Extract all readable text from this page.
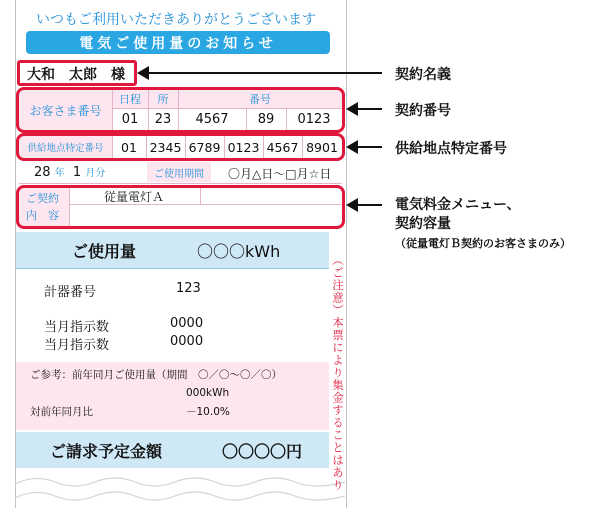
いつもご利用いただきありがとうございます
電気ご使用量のお知らせ
大和　太郎　様
お客さま番号
日程	所	番号
01	23	4567	89	0123
供給地点特定番号	01	2345 6789 0123 4567 8901
28 年 1 月分	ご使用期間	〇月△日～□月☆日
ご契約
内　容
従量電灯Ａ
ご使用量	〇〇〇kWh
計器番号	123
当月指示数	0000
当月指示数	0000
ご参考：前年同月ご使用量（期間　〇／〇～〇／〇）
000kWh
対前年同月比	－10.0%
ご請求予定金額	〇〇〇〇円	（ご注意）本票により集金することはあり
契約名義
契約番号
供給地点特定番号
電気料金メニュー、
契約容量
（従量電灯Ｂ契約のお客さまのみ）
